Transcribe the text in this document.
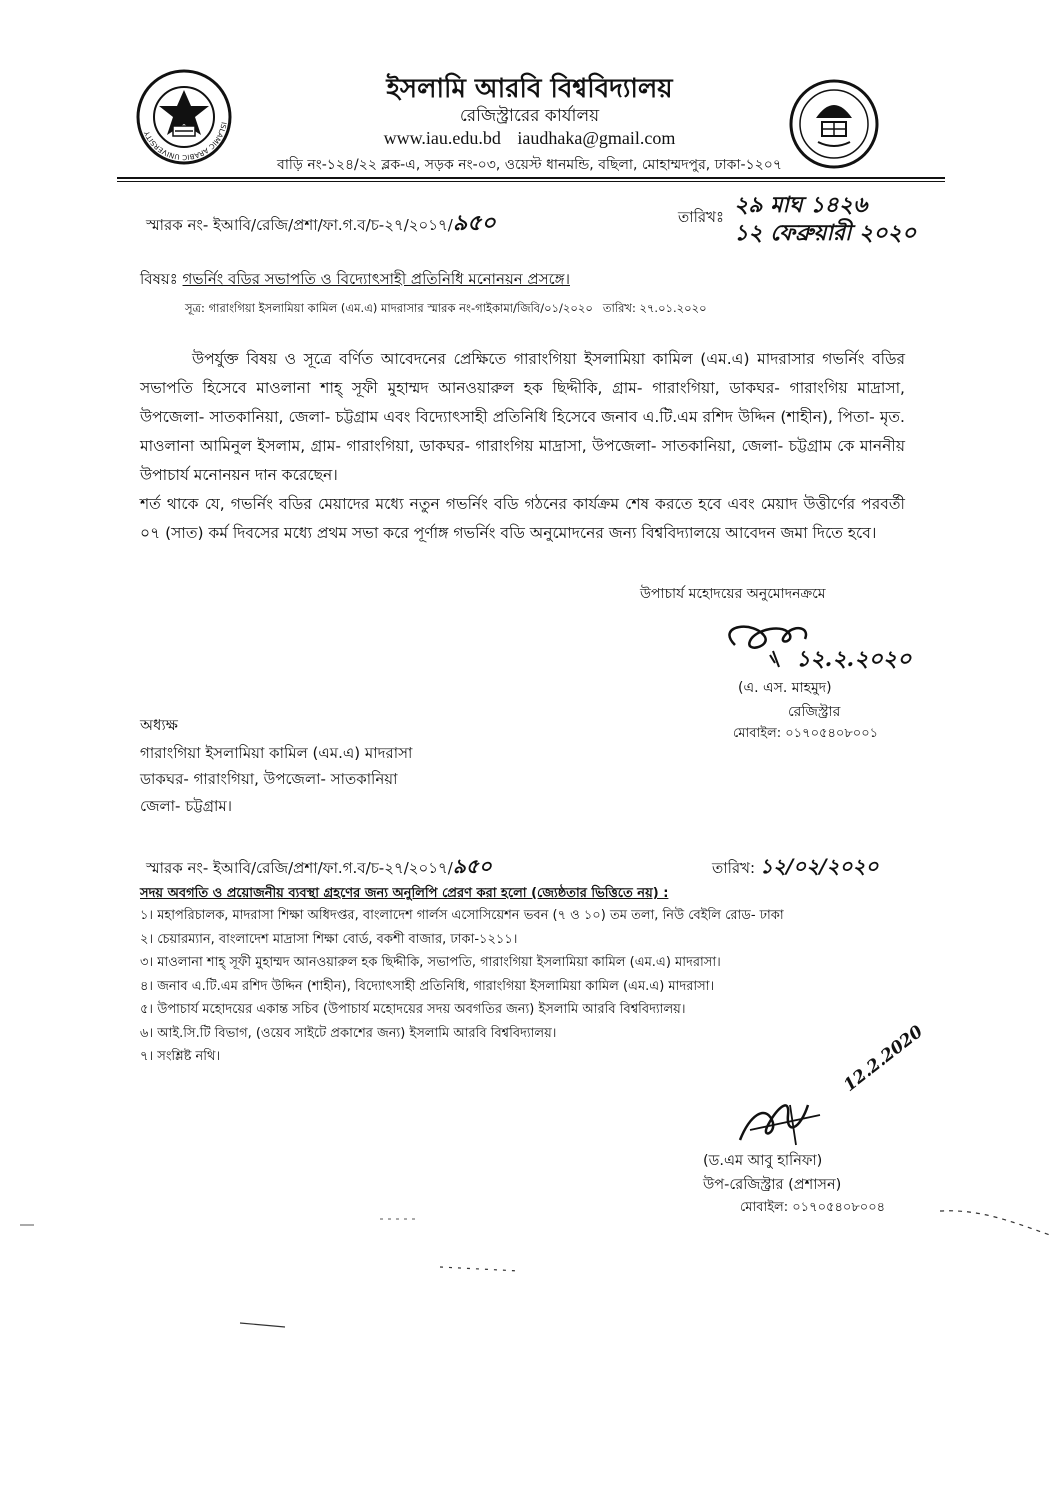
ISLAMIC ARABIC UNIVERSITY
ইসলামি আরবি বিশ্ববিদ্যালয়
রেজিস্ট্রারের কার্যালয়
www.iau.edu.bd iaudhaka@gmail.com
বাড়ি নং-১২৪/২২ ব্লক-এ, সড়ক নং-০৩, ওয়েস্ট ধানমন্ডি, বছিলা, মোহাম্মদপুর, ঢাকা-১২০৭
স্মারক নং- ইআবি/রেজি/প্রশা/ফা.গ.ব/চ-২৭/২০১৭/৯৫০	তারিখঃ ২৯ মাঘ ১৪২৬
১২ ফেব্রুয়ারী ২০২০
বিষয়ঃ গভর্নিং বডির সভাপতি ও বিদ্যোৎসাহী প্রতিনিধি মনোনয়ন প্রসঙ্গে।
সূত্র: গারাংগিয়া ইসলামিয়া কামিল (এম.এ) মাদরাসার স্মারক নং-গাইকামা/জিবি/০১/২০২০ তারিখ: ২৭.০১.২০২০

উপর্যুক্ত বিষয় ও সূত্রে বর্ণিত আবেদনের প্রেক্ষিতে গারাংগিয়া ইসলামিয়া কামিল (এম.এ) মাদরাসার গভর্নিং বডির সভাপতি হিসেবে মাওলানা শাহ্ সূফী মুহাম্মদ আনওয়ারুল হক ছিদ্দীকি, গ্রাম- গারাংগিয়া, ডাকঘর- গারাংগিয় মাদ্রাসা, উপজেলা- সাতকানিয়া, জেলা- চট্টগ্রাম এবং বিদ্যোৎসাহী প্রতিনিধি হিসেবে জনাব এ.টি.এম রশিদ উদ্দিন (শাহীন), পিতা- মৃত. মাওলানা আমিনুল ইসলাম, গ্রাম- গারাংগিয়া, ডাকঘর- গারাংগিয় মাদ্রাসা, উপজেলা- সাতকানিয়া, জেলা- চট্টগ্রাম কে মাননীয় উপাচার্য মনোনয়ন দান করেছেন।

শর্ত থাকে যে, গভর্নিং বডির মেয়াদের মধ্যে নতুন গভর্নিং বডি গঠনের কার্যক্রম শেষ করতে হবে এবং মেয়াদ উত্তীর্ণের পরবর্তী ০৭ (সাত) কর্ম দিবসের মধ্যে প্রথম সভা করে পূর্ণাঙ্গ গভর্নিং বডি অনুমোদনের জন্য বিশ্ববিদ্যালয়ে আবেদন জমা দিতে হবে।

উপাচার্য মহোদয়ের অনুমোদনক্রমে
১২.২.২০২০
(এ. এস. মাহমুদ)
রেজিস্ট্রার
মোবাইল: ০১৭০৫৪০৮০০১
অধ্যক্ষ
গারাংগিয়া ইসলামিয়া কামিল (এম.এ) মাদরাসা
ডাকঘর- গারাংগিয়া, উপজেলা- সাতকানিয়া
জেলা- চট্টগ্রাম।
স্মারক নং- ইআবি/রেজি/প্রশা/ফা.গ.ব/চ-২৭/২০১৭/৯৫০	তারিখ: ১২/০২/২০২০
সদয় অবগতি ও প্রয়োজনীয় ব্যবস্থা গ্রহণের জন্য অনুলিপি প্রেরণ করা হলো (জ্যেষ্ঠতার ভিত্তিতে নয়) :
১। মহাপরিচালক, মাদরাসা শিক্ষা অধিদপ্তর, বাংলাদেশ গার্লস এসোসিয়েশন ভবন (৭ ও ১০) তম তলা, নিউ বেইলি রোড- ঢাকা
২। চেয়ারম্যান, বাংলাদেশ মাদ্রাসা শিক্ষা বোর্ড, বকশী বাজার, ঢাকা-১২১১।
৩। মাওলানা শাহ্ সূফী মুহাম্মদ আনওয়ারুল হক ছিদ্দীকি, সভাপতি, গারাংগিয়া ইসলামিয়া কামিল (এম.এ) মাদরাসা।
৪। জনাব এ.টি.এম রশিদ উদ্দিন (শাহীন), বিদ্যোৎসাহী প্রতিনিধি, গারাংগিয়া ইসলামিয়া কামিল (এম.এ) মাদরাসা।
৫। উপাচার্য মহোদয়ের একান্ত সচিব (উপাচার্য মহোদয়ের সদয় অবগতির জন্য) ইসলামি আরবি বিশ্ববিদ্যালয়।
৬। আই.সি.টি বিভাগ, (ওয়েব সাইটে প্রকাশের জন্য) ইসলামি আরবি বিশ্ববিদ্যালয়।
৭। সংশ্লিষ্ট নথি।	12.2.2020
(ড.এম আবু হানিফা)
উপ-রেজিস্ট্রার (প্রশাসন)
মোবাইল: ০১৭০৫৪০৮০০৪
